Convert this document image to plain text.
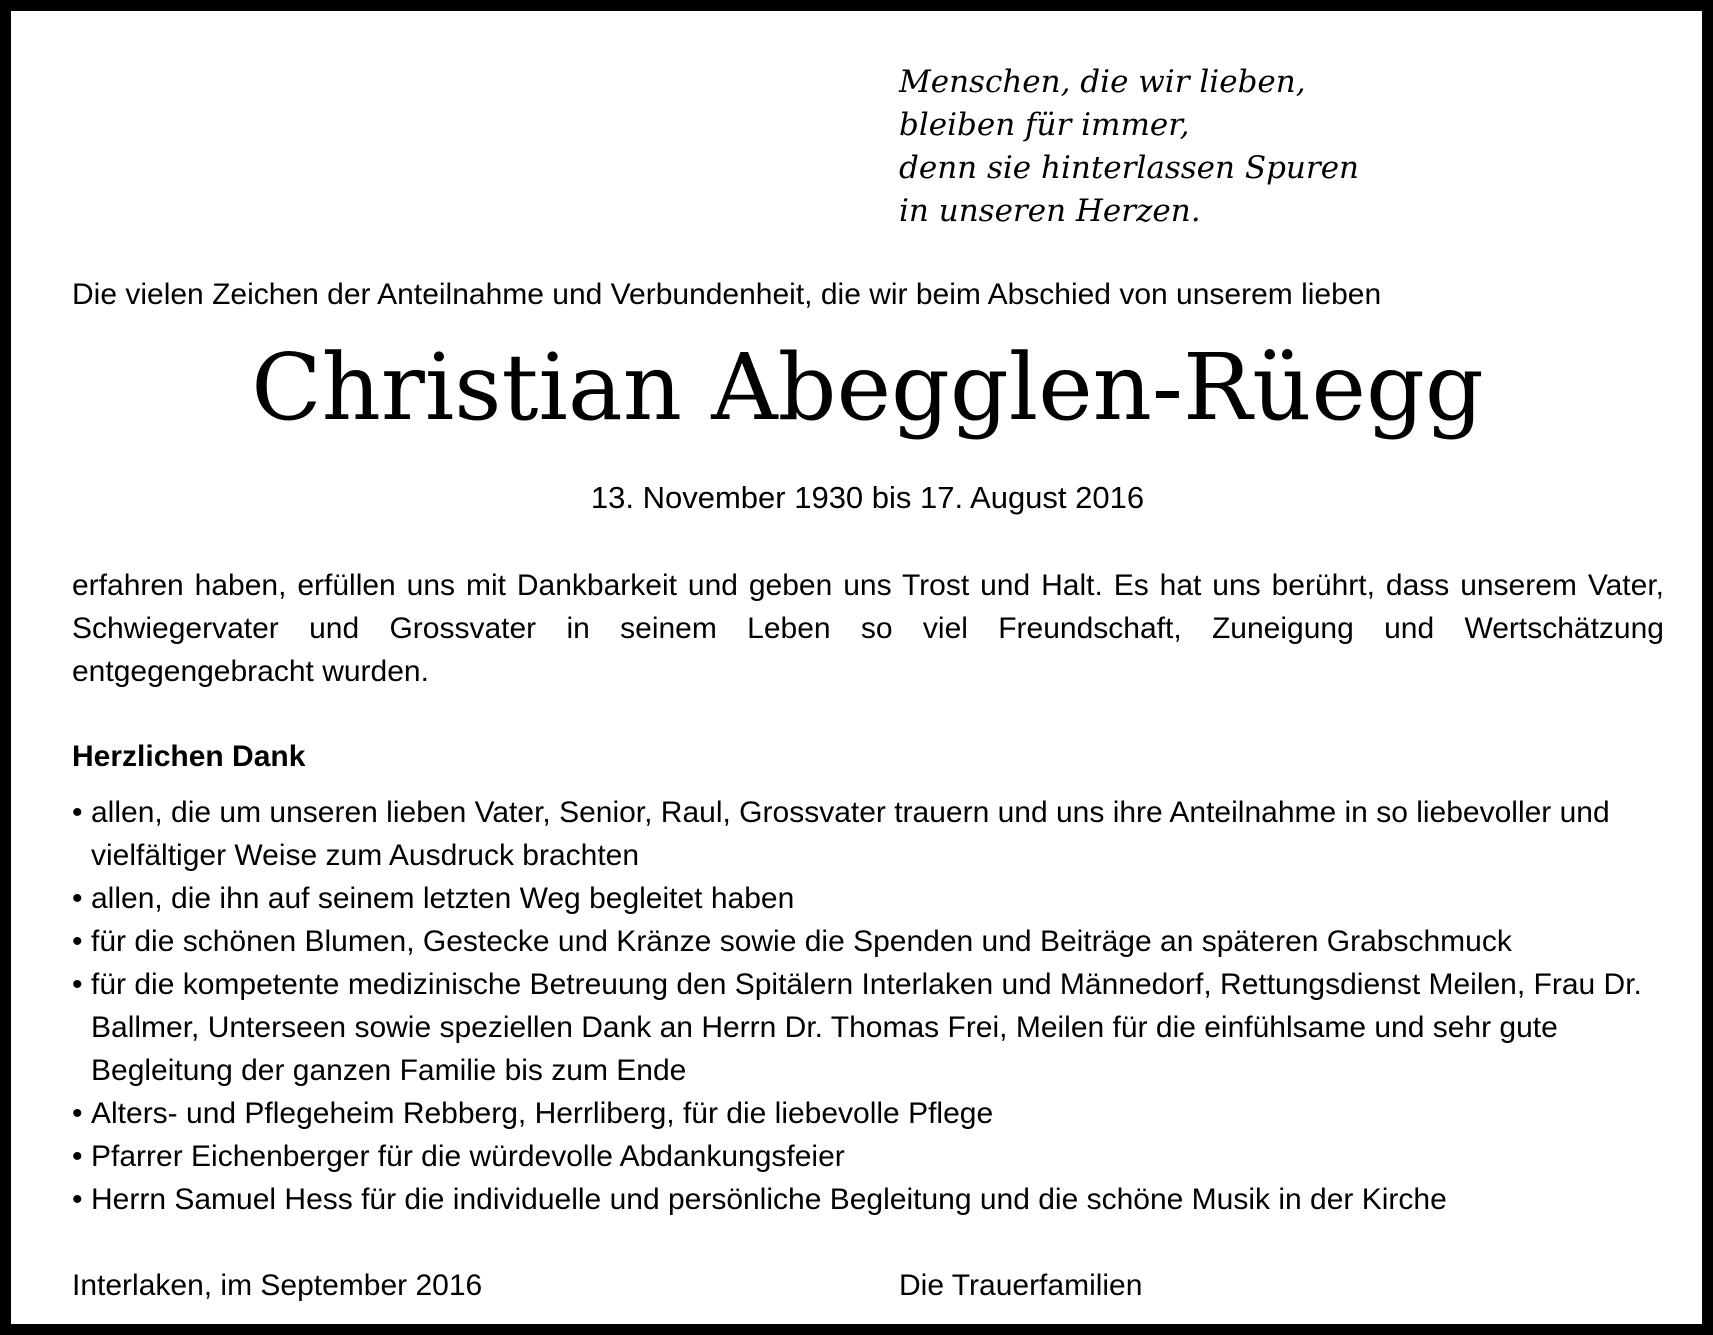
Menschen, die wir lieben,
bleiben für immer,
denn sie hinterlassen Spuren
in unseren Herzen.
Die vielen Zeichen der Anteilnahme und Verbundenheit, die wir beim Abschied von unserem lieben
Christian Abegglen-Rüegg
13. November 1930 bis 17. August 2016
erfahren haben, erfüllen uns mit Dankbarkeit und geben uns Trost und Halt. Es hat uns berührt, dass unserem Vater, Schwiegervater und Grossvater in seinem Leben so viel Freundschaft, Zuneigung und Wertschätzung entgegengebracht wurden.
Herzlichen Dank
• allen, die um unseren lieben Vater, Senior, Raul, Grossvater trauern und uns ihre Anteilnahme in so liebevoller und vielfältiger Weise zum Ausdruck brachten
• allen, die ihn auf seinem letzten Weg begleitet haben
• für die schönen Blumen, Gestecke und Kränze sowie die Spenden und Beiträge an späteren Grabschmuck
• für die kompetente medizinische Betreuung den Spitälern Interlaken und Männedorf, Rettungsdienst Meilen, Frau Dr. Ballmer, Unterseen sowie speziellen Dank an Herrn Dr. Thomas Frei, Meilen für die einfühlsame und sehr gute Begleitung der ganzen Familie bis zum Ende
• Alters- und Pflegeheim Rebberg, Herrliberg, für die liebevolle Pflege
• Pfarrer Eichenberger für die würdevolle Abdankungsfeier
• Herrn Samuel Hess für die individuelle und persönliche Begleitung und die schöne Musik in der Kirche
Interlaken, im September 2016	Die Trauerfamilien
